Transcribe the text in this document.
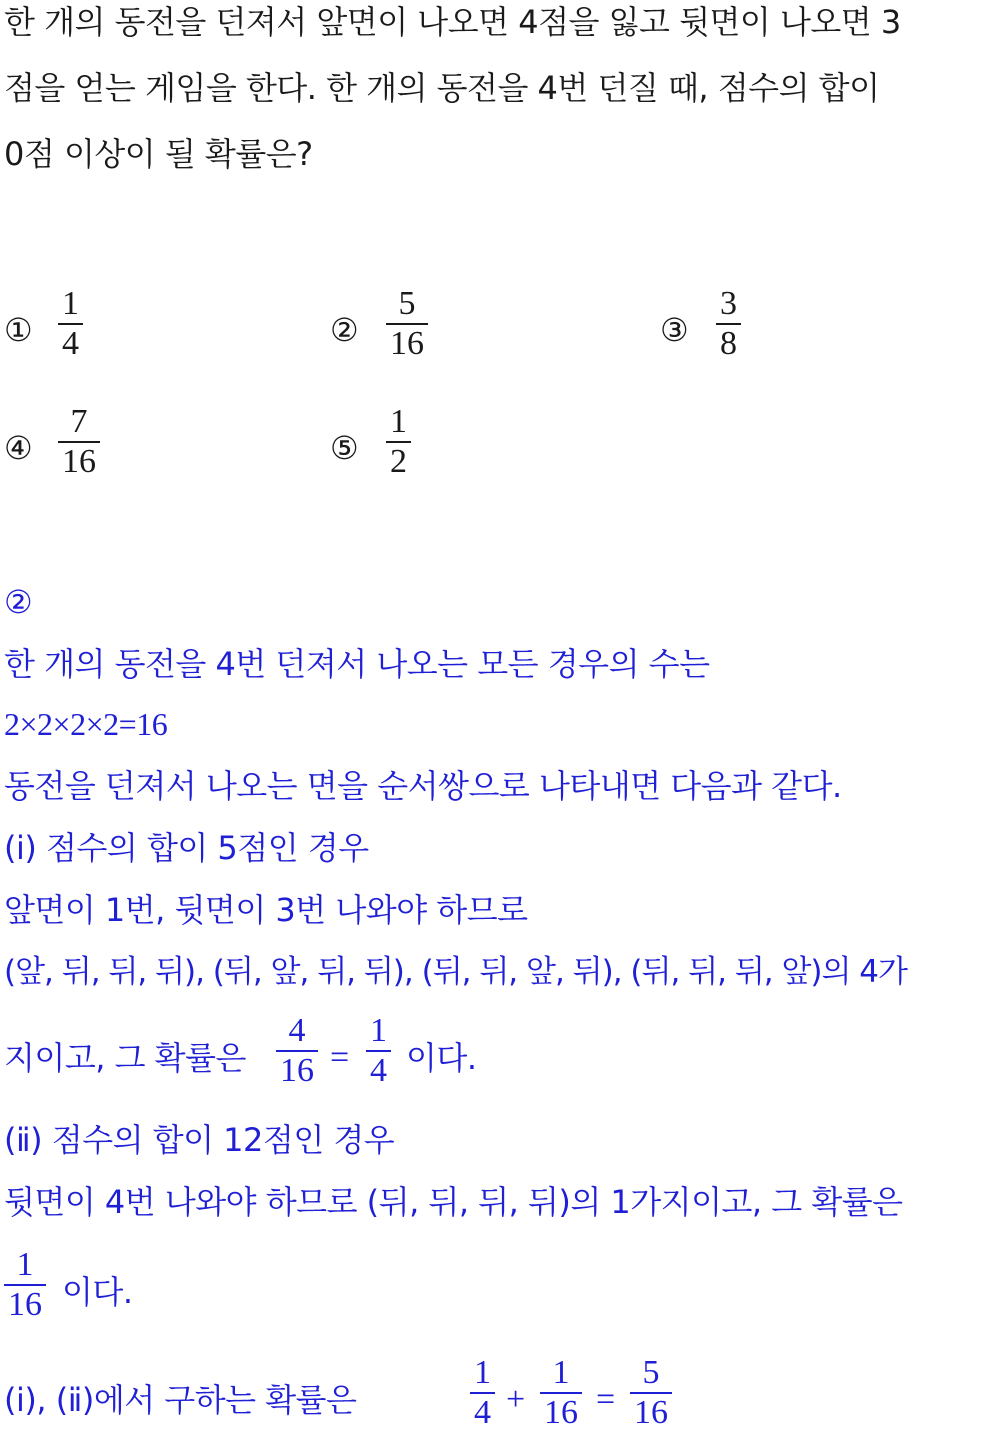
한 개의 동전을 던져서 앞면이 나오면 4점을 잃고 뒷면이 나오면 3
점을 얻는 게임을 한다. 한 개의 동전을 4번 던질 때, 점수의 합이
0점 이상이 될 확률은?
①
1
4	②
5
16	③
3
8
④
7
16	⑤
1
2
②
한 개의 동전을 4번 던져서 나오는 모든 경우의 수는
2×2×2×2=16
동전을 던져서 나오는 면을 순서쌍으로 나타내면 다음과 같다.
(ⅰ) 점수의 합이 5점인 경우
앞면이 1번, 뒷면이 3번 나와야 하므로
(앞, 뒤, 뒤, 뒤), (뒤, 앞, 뒤, 뒤), (뒤, 뒤, 앞, 뒤), (뒤, 뒤, 뒤, 앞)의 4가
지이고, 그 확률은
4
16 =
1
4 이다.
(ⅱ) 점수의 합이 12점인 경우
뒷면이 4번 나와야 하므로 (뒤, 뒤, 뒤, 뒤)의 1가지이고, 그 확률은
1
16 이다.
(ⅰ), (ⅱ)에서 구하는 확률은
1
4 +
1
16 =
5
16
